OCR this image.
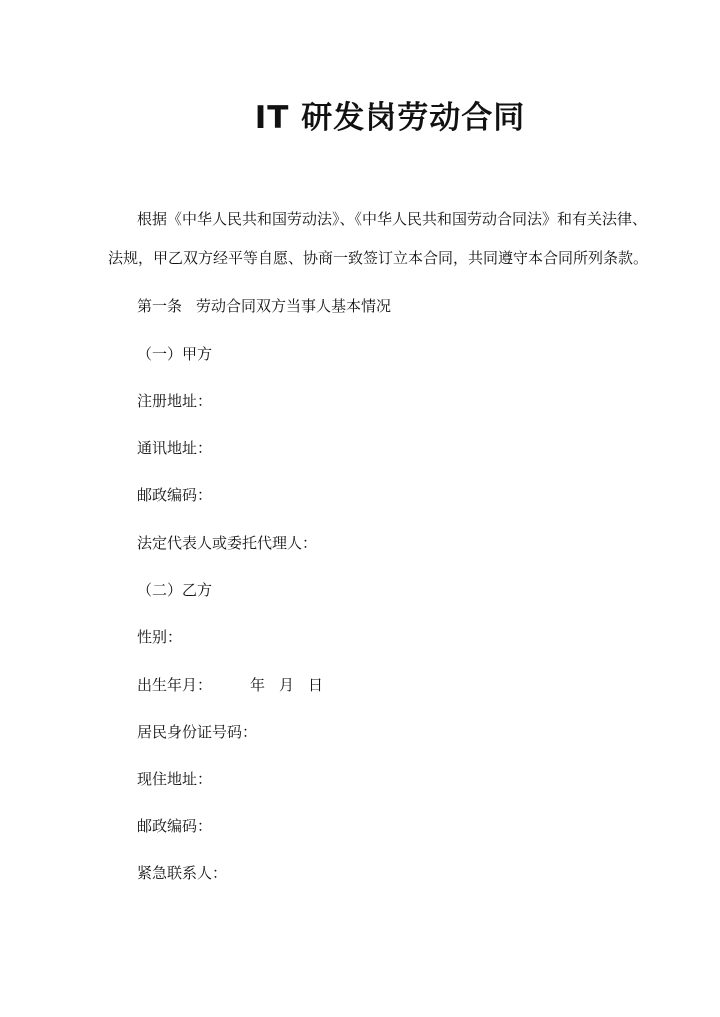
IT 研发岗劳动合同

根据《中华人民共和国劳动法》、《中华人民共和国劳动合同法》和有关法律、

法规，甲乙双方经平等自愿、协商一致签订立本合同，共同遵守本合同所列条款。

第一条 劳动合同双方当事人基本情况

（一）甲方

注册地址：

通讯地址：

邮政编码：

法定代表人或委托代理人：

（二）乙方

性别：

出生年月：	年 月 日

居民身份证号码：

现住地址：

邮政编码：

紧急联系人：
